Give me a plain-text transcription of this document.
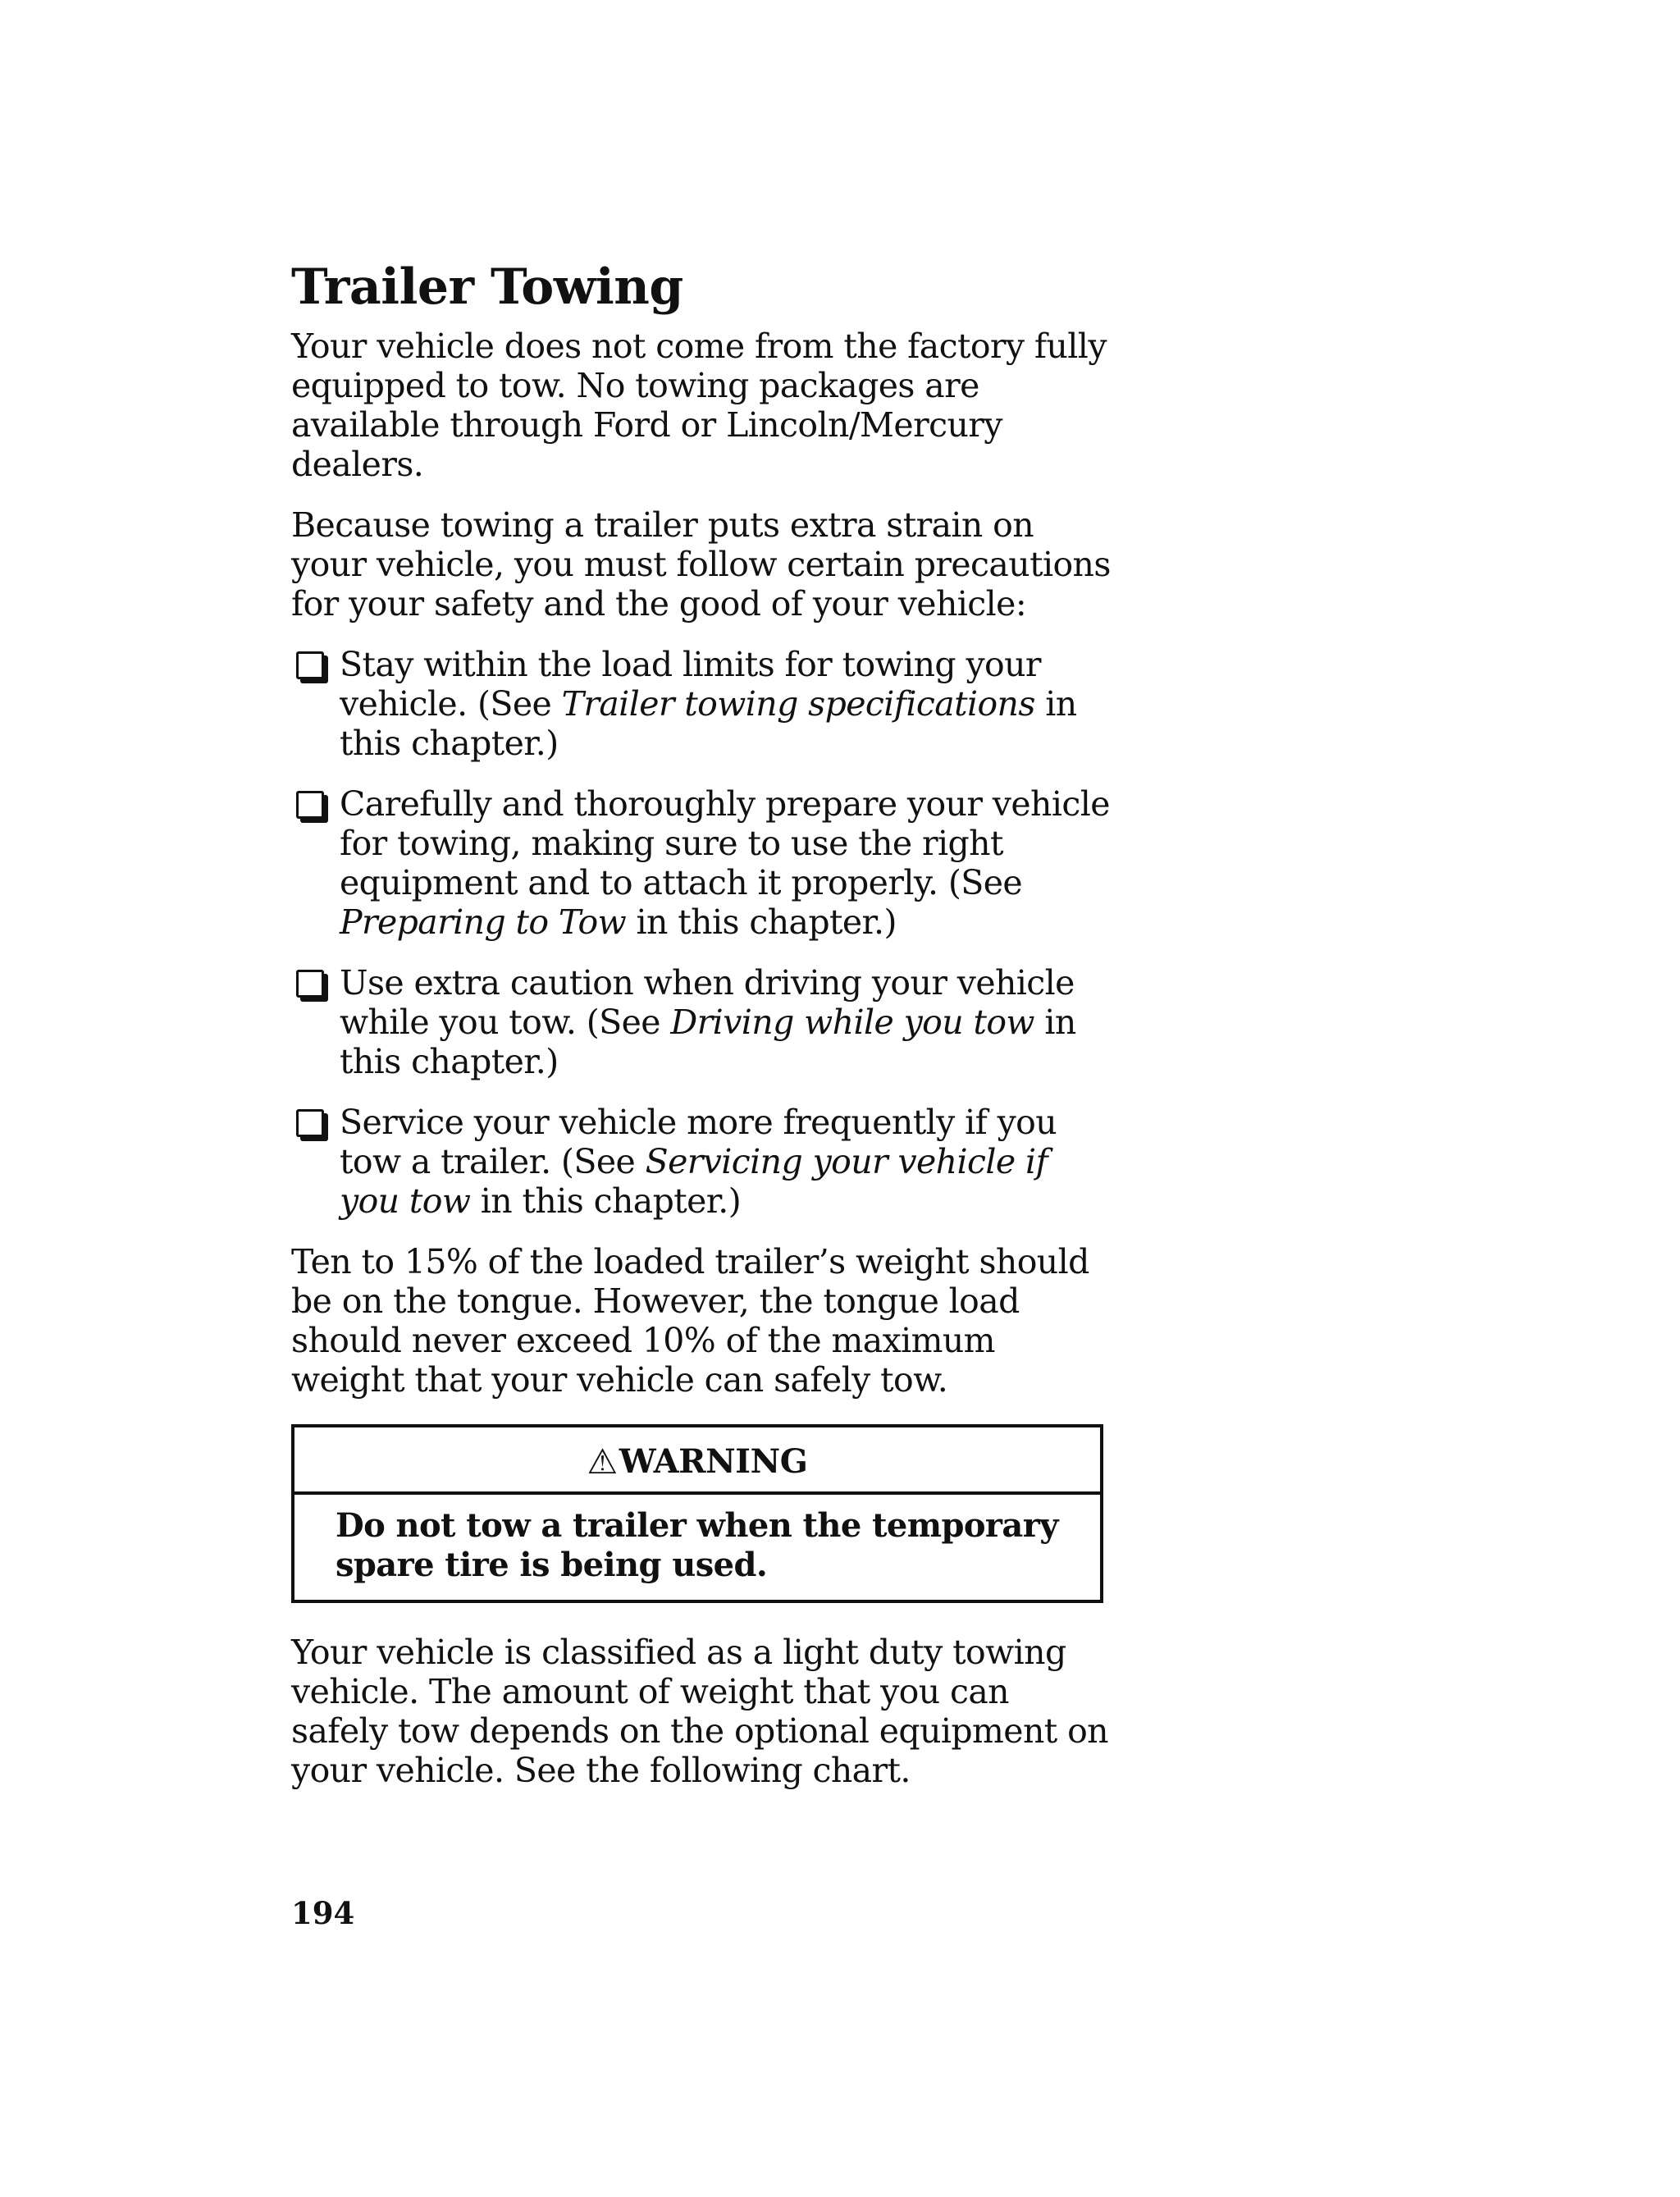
Trailer Towing

Your vehicle does not come from the factory fully equipped to tow. No towing packages are available through Ford or Lincoln/Mercury dealers.

Because towing a trailer puts extra strain on your vehicle, you must follow certain precautions for your safety and the good of your vehicle:

Stay within the load limits for towing your vehicle. (See Trailer towing specifications in this chapter.)
Carefully and thoroughly prepare your vehicle for towing, making sure to use the right equipment and to attach it properly. (See Preparing to Tow in this chapter.)
Use extra caution when driving your vehicle while you tow. (See Driving while you tow in this chapter.)
Service your vehicle more frequently if you tow a trailer. (See Servicing your vehicle if you tow in this chapter.)

Ten to 15% of the loaded trailer’s weight should be on the tongue. However, the tongue load should never exceed 10% of the maximum weight that your vehicle can safely tow.

⚠WARNING
Do not tow a trailer when the temporary spare tire is being used.

Your vehicle is classified as a light duty towing vehicle. The amount of weight that you can safely tow depends on the optional equipment on your vehicle. See the following chart.

194
